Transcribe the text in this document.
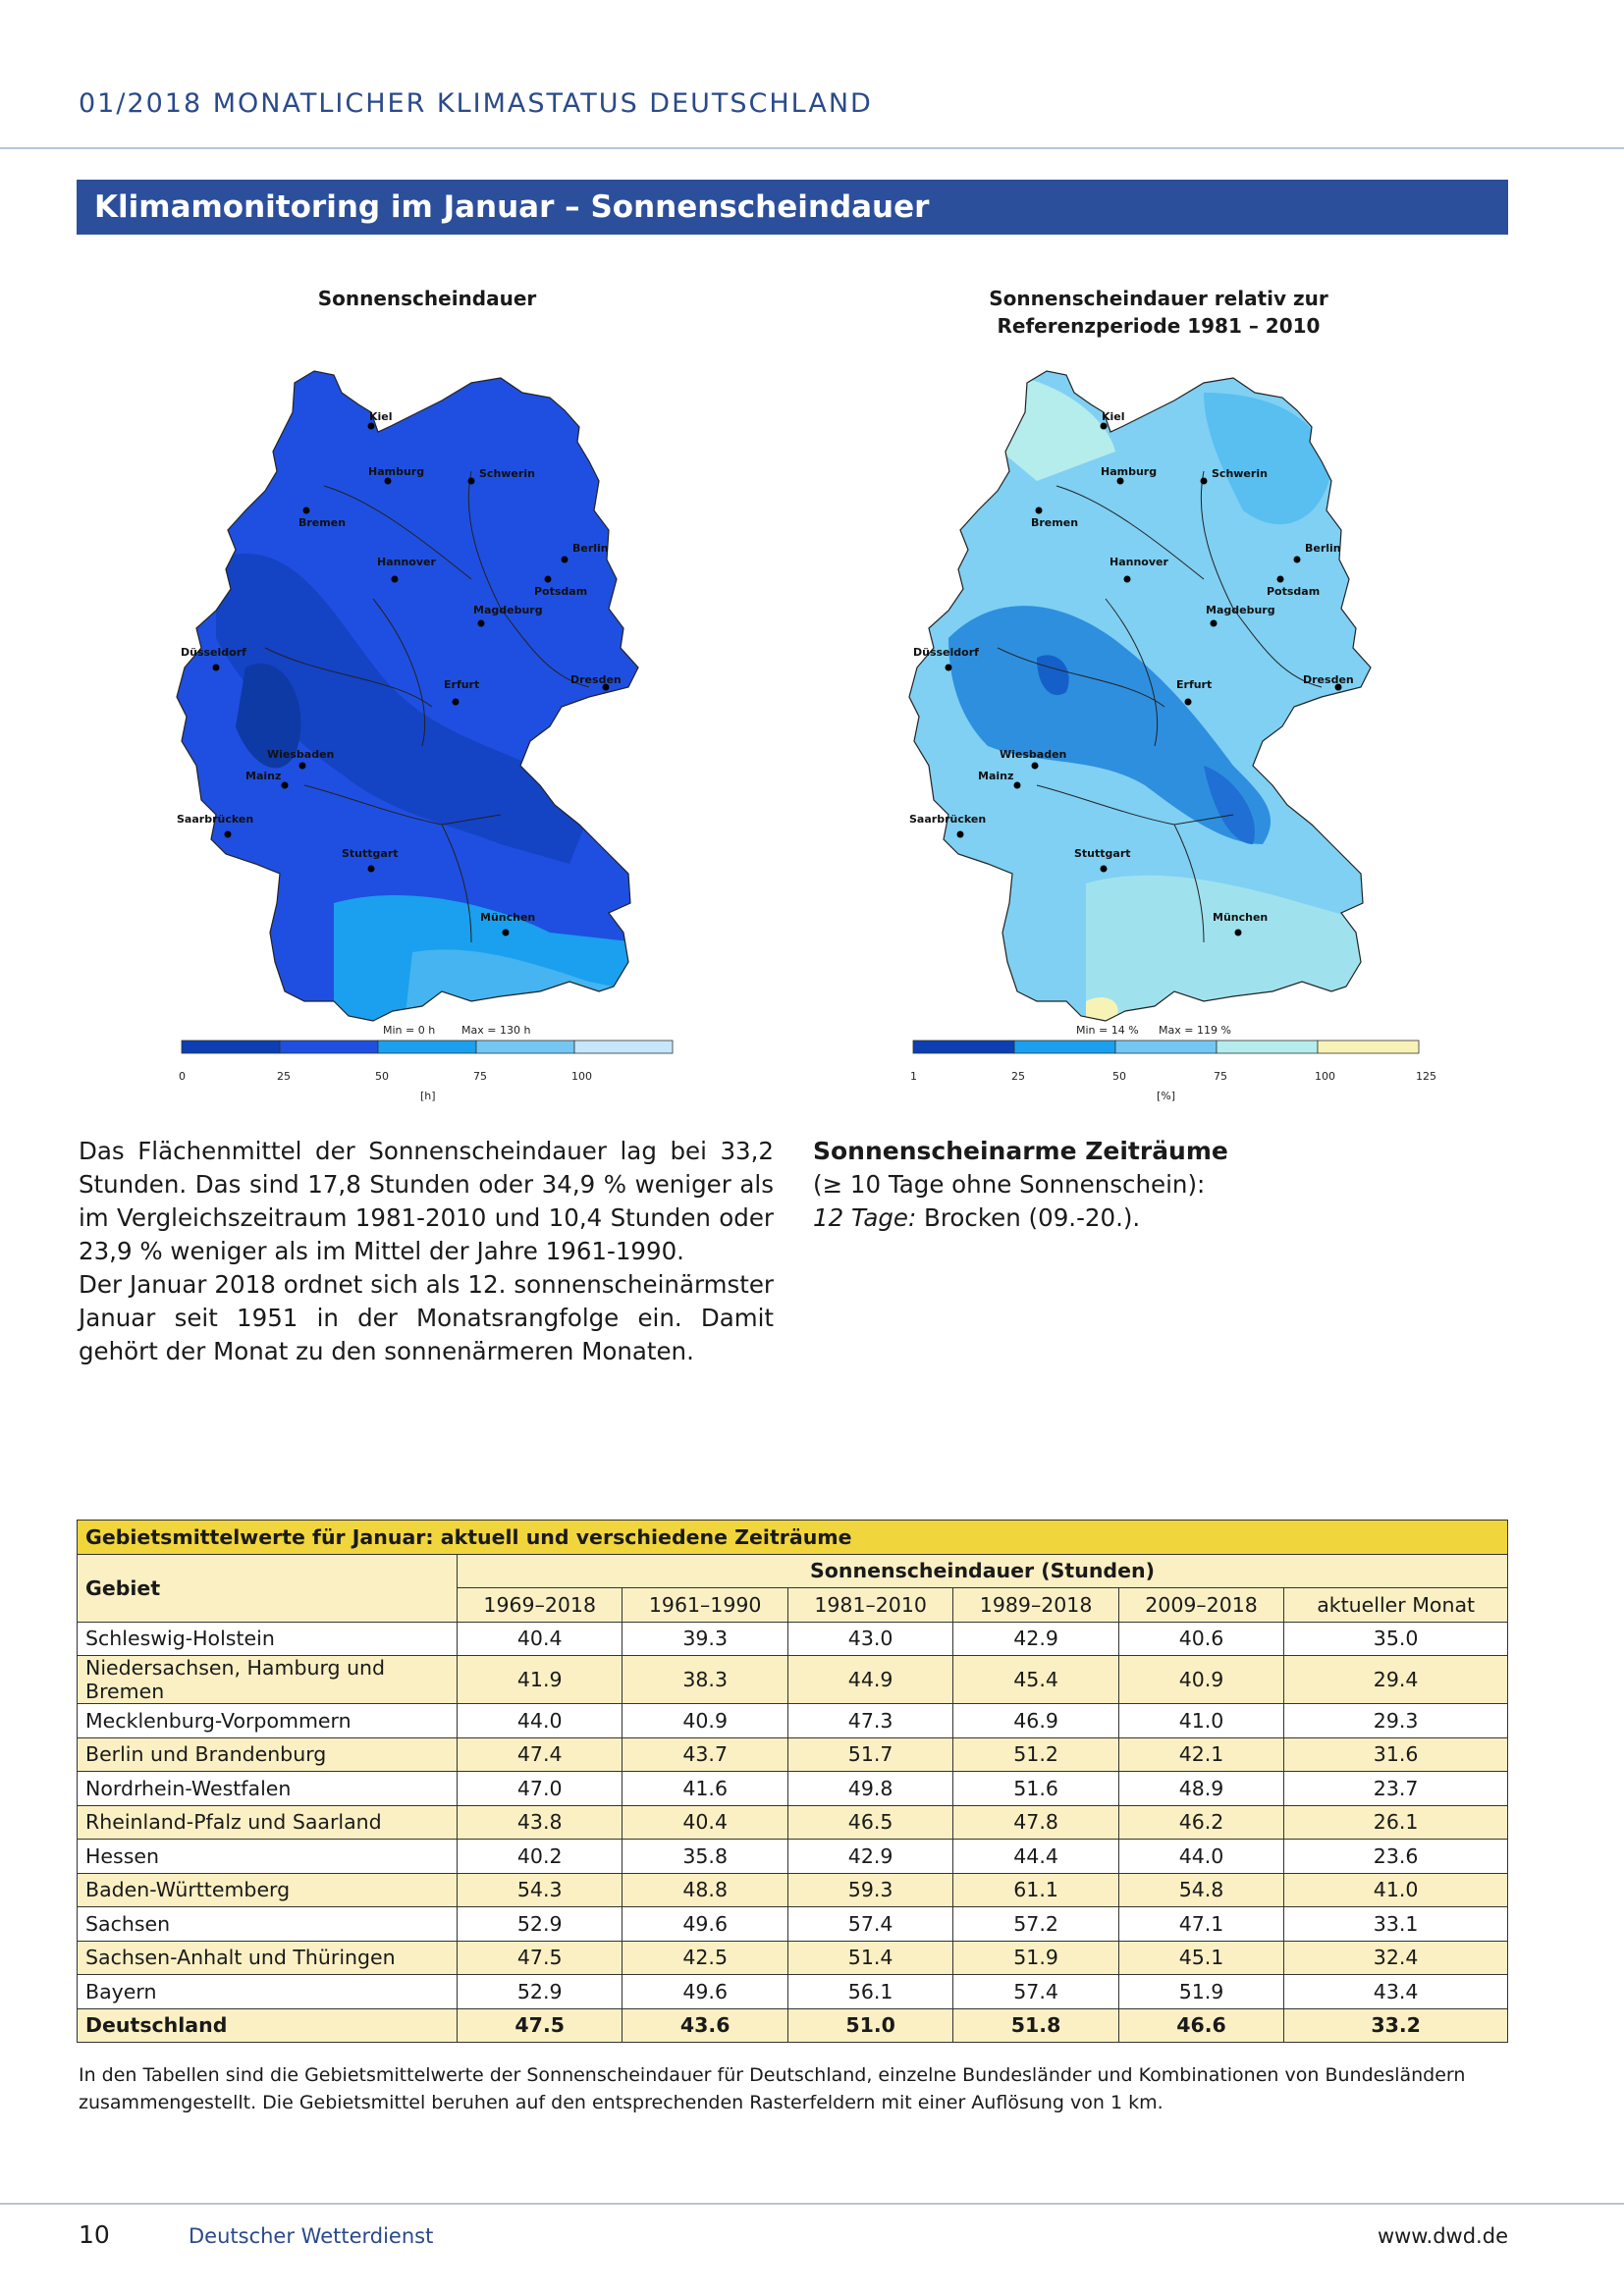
01/2018 MONATLICHER KLIMASTATUS DEUTSCHLAND
Klimamonitoring im Januar – Sonnenscheindauer
Sonnenscheindauer	Sonnenscheindauer relativ zur
Referenzperiode 1981 – 2010
Kiel
Hamburg	Schwerin
Bremen
Hannover
Berlin
Potsdam
Magdeburg
Düsseldorf
Erfurt	Dresden
Wiesbaden
Mainz
Saarbrücken
Stuttgart
München
Min = 0 h Max = 130 h
0	25	50	75	100
[h]
Kiel
Hamburg	Schwerin
Bremen
Hannover
Berlin
Potsdam
Magdeburg
Düsseldorf
Erfurt	Dresden
Wiesbaden
Mainz
Saarbrücken
Stuttgart
München
Min = 14 % Max = 119 %
1	25	50	75	100	125
[%]

Das Flächenmittel der Sonnenscheindauer lag bei 33,2 Stunden. Das sind 17,8 Stunden oder 34,9 % weniger als im Vergleichszeitraum 1981-2010 und 10,4 Stunden oder 23,9 % weniger als im Mittel der Jahre 1961-1990.

Der Januar 2018 ordnet sich als 12. sonnenscheinärmster Januar seit 1951 in der Monatsrangfolge ein. Damit gehört der Monat zu den sonnenärmeren Monaten.

Sonnenscheinarme Zeiträume
(≥ 10 Tage ohne Sonnenschein):
12 Tage: Brocken (09.-20.).
Gebietsmittelwerte für Januar: aktuell und verschiedene Zeiträume						
Gebiet	Sonnenscheindauer (Stunden)					
	1969–2018	1961–1990	1981–2010	1989–2018	2009–2018	aktueller Monat
Schleswig-Holstein	40.4	39.3	43.0	42.9	40.6	35.0
Niedersachsen, Hamburg und Bremen	41.9	38.3	44.9	45.4	40.9	29.4
Mecklenburg-Vorpommern	44.0	40.9	47.3	46.9	41.0	29.3
Berlin und Brandenburg	47.4	43.7	51.7	51.2	42.1	31.6
Nordrhein-Westfalen	47.0	41.6	49.8	51.6	48.9	23.7
Rheinland-Pfalz und Saarland	43.8	40.4	46.5	47.8	46.2	26.1
Hessen	40.2	35.8	42.9	44.4	44.0	23.6
Baden-Württemberg	54.3	48.8	59.3	61.1	54.8	41.0
Sachsen	52.9	49.6	57.4	57.2	47.1	33.1
Sachsen-Anhalt und Thüringen	47.5	42.5	51.4	51.9	45.1	32.4
Bayern	52.9	49.6	56.1	57.4	51.9	43.4
Deutschland	47.5	43.6	51.0	51.8	46.6	33.2
In den Tabellen sind die Gebietsmittelwerte der Sonnenscheindauer für Deutschland, einzelne Bundesländer und Kombinationen von Bundesländern zusammengestellt. Die Gebietsmittel beruhen auf den entsprechenden Rasterfeldern mit einer Auflösung von 1 km.
10	Deutscher Wetterdienst	www.dwd.de
